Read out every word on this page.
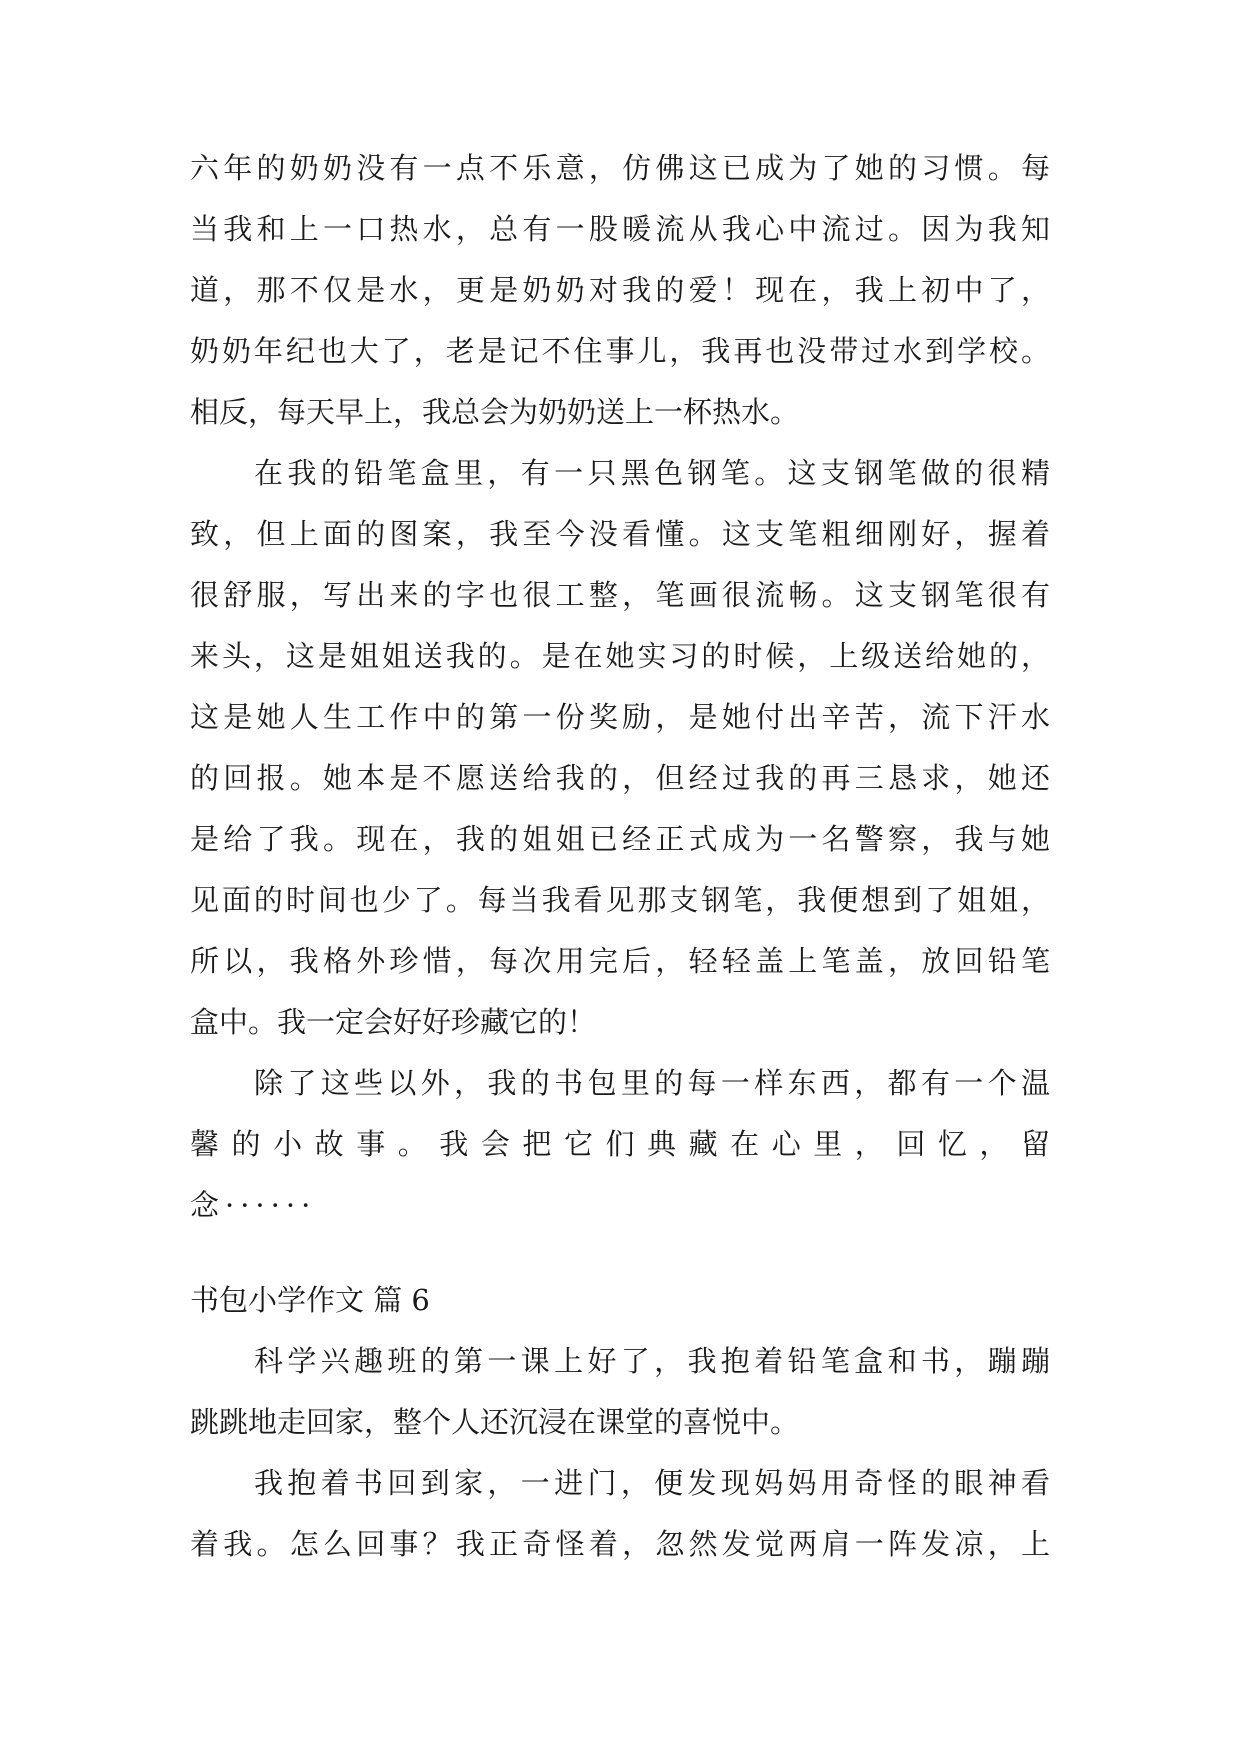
六年的奶奶没有一点不乐意，仿佛这已成为了她的习惯。每
当我和上一口热水，总有一股暖流从我心中流过。因为我知
道，那不仅是水，更是奶奶对我的爱！现在，我上初中了，
奶奶年纪也大了，老是记不住事儿，我再也没带过水到学校。
相反，每天早上，我总会为奶奶送上一杯热水。
在我的铅笔盒里，有一只黑色钢笔。这支钢笔做的很精
致，但上面的图案，我至今没看懂。这支笔粗细刚好，握着
很舒服，写出来的字也很工整，笔画很流畅。这支钢笔很有
来头，这是姐姐送我的。是在她实习的时候，上级送给她的，
这是她人生工作中的第一份奖励，是她付出辛苦，流下汗水
的回报。她本是不愿送给我的，但经过我的再三恳求，她还
是给了我。现在，我的姐姐已经正式成为一名警察，我与她
见面的时间也少了。每当我看见那支钢笔，我便想到了姐姐，
所以，我格外珍惜，每次用完后，轻轻盖上笔盖，放回铅笔
盒中。我一定会好好珍藏它的！
除了这些以外，我的书包里的每一样东西，都有一个温
馨的小故事。我会把它们典藏在心里，回忆，留
念······
书包小学作文 篇 6
科学兴趣班的第一课上好了，我抱着铅笔盒和书，蹦蹦
跳跳地走回家，整个人还沉浸在课堂的喜悦中。
我抱着书回到家，一进门，便发现妈妈用奇怪的眼神看
着我。怎么回事？我正奇怪着，忽然发觉两肩一阵发凉，上
